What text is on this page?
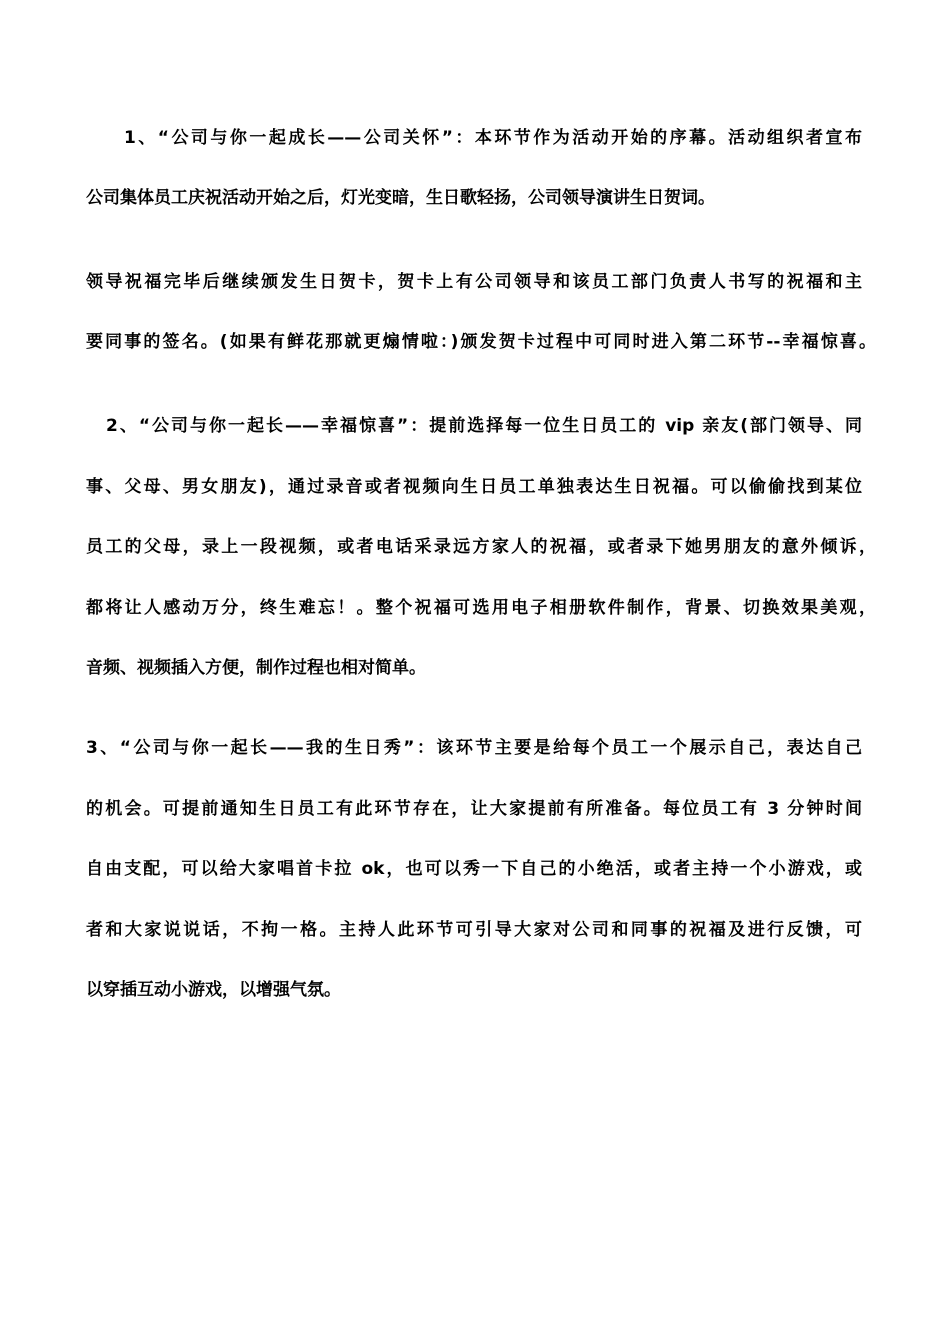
1、“公司与你一起成长——公司关怀”：本环节作为活动开始的序幕。活动组织者宣布
公司集体员工庆祝活动开始之后，灯光变暗，生日歌轻扬，公司领导演讲生日贺词。
领导祝福完毕后继续颁发生日贺卡，贺卡上有公司领导和该员工部门负责人书写的祝福和主
要同事的签名。(如果有鲜花那就更煽情啦：)颁发贺卡过程中可同时进入第二环节--幸福惊喜。
2、“公司与你一起长——幸福惊喜”：提前选择每一位生日员工的 vip 亲友(部门领导、同
事、父母、男女朋友)，通过录音或者视频向生日员工单独表达生日祝福。可以偷偷找到某位
员工的父母，录上一段视频，或者电话采录远方家人的祝福，或者录下她男朋友的意外倾诉，
都将让人感动万分，终生难忘！。整个祝福可选用电子相册软件制作，背景、切换效果美观，
音频、视频插入方便，制作过程也相对简单。
3、“公司与你一起长——我的生日秀”：该环节主要是给每个员工一个展示自己，表达自己
的机会。可提前通知生日员工有此环节存在，让大家提前有所准备。每位员工有 3 分钟时间
自由支配，可以给大家唱首卡拉 ok，也可以秀一下自己的小绝活，或者主持一个小游戏，或
者和大家说说话，不拘一格。主持人此环节可引导大家对公司和同事的祝福及进行反馈，可
以穿插互动小游戏，以增强气氛。
